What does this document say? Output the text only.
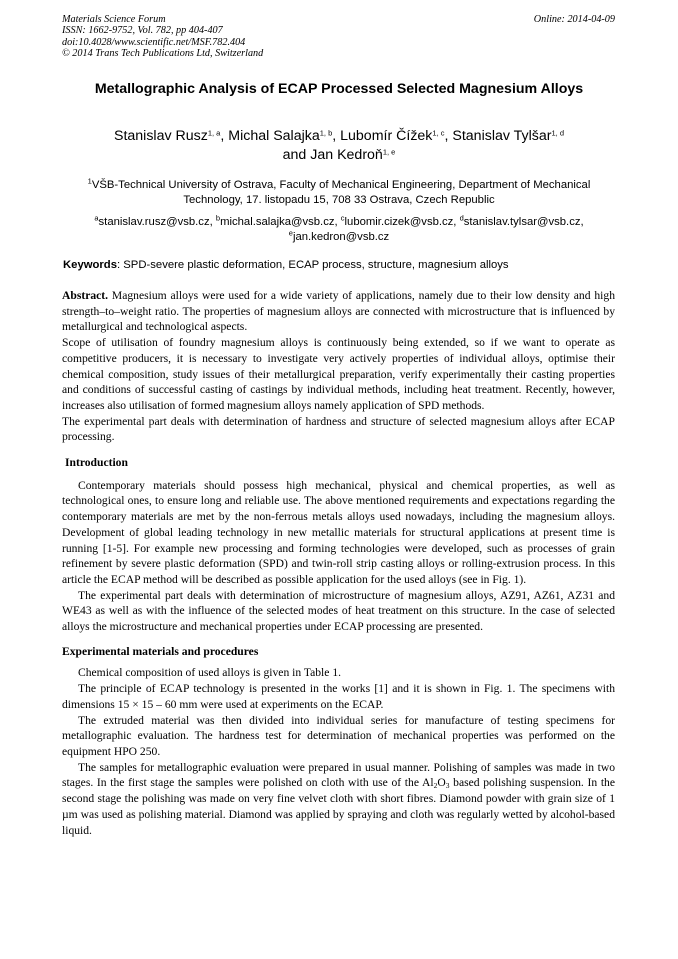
Materials Science Forum
ISSN: 1662-9752, Vol. 782, pp 404-407
doi:10.4028/www.scientific.net/MSF.782.404
© 2014 Trans Tech Publications Ltd, Switzerland
Online: 2014-04-09
Metallographic Analysis of ECAP Processed Selected Magnesium Alloys
Stanislav Rusz$^{1, a}$, Michal Salajka$^{1, b}$, Lubomír Čížek$^{1, c}$, Stanislav Tylšar$^{1, d}$
and Jan Kedroň$^{1, e}$
$^1$VŠB-Technical University of Ostrava, Faculty of Mechanical Engineering, Department of Mechanical Technology, 17. listopadu 15, 708 33 Ostrava, Czech Republic
$^a$stanislav.rusz@vsb.cz, $^b$michal.salajka@vsb.cz, $^c$lubomir.cizek@vsb.cz, $^d$stanislav.tylsar@vsb.cz,
$^e$jan.kedron@vsb.cz
Keywords: SPD-severe plastic deformation, ECAP process, structure, magnesium alloys

Abstract. Magnesium alloys were used for a wide variety of applications, namely due to their low density and high strength–to–weight ratio. The properties of magnesium alloys are connected with microstructure that is influenced by metallurgical and technological aspects.

Scope of utilisation of foundry magnesium alloys is continuously being extended, so if we want to operate as competitive producers, it is necessary to investigate very actively properties of individual alloys, optimise their chemical composition, study issues of their metallurgical preparation, verify experimentally their casting properties and conditions of successful casting of castings by individual methods, including heat treatment. Recently, however, increases also utilisation of formed magnesium alloys namely application of SPD methods.

The experimental part deals with determination of hardness and structure of selected magnesium alloys after ECAP processing.

Introduction

Contemporary materials should possess high mechanical, physical and chemical properties, as well as technological ones, to ensure long and reliable use. The above mentioned requirements and expectations regarding the contemporary materials are met by the non-ferrous metals alloys used nowadays, including the magnesium alloys. Development of global leading technology in new metallic materials for structural applications at present time is running [1-5]. For example new processing and forming technologies were developed, such as processes of grain refinement by severe plastic deformation (SPD) and twin-roll strip casting alloys or rolling-extrusion process. In this article the ECAP method will be described as possible application for the used alloys (see in Fig. 1).

The experimental part deals with determination of microstructure of magnesium alloys, AZ91, AZ61, AZ31 and WE43 as well as with the influence of the selected modes of heat treatment on this structure. In the case of selected alloys the microstructure and mechanical properties under ECAP processing are presented.

Experimental materials and procedures

Chemical composition of used alloys is given in Table 1.

The principle of ECAP technology is presented in the works [1] and it is shown in Fig. 1. The specimens with dimensions 15 × 15 – 60 mm were used at experiments on the ECAP.

The extruded material was then divided into individual series for manufacture of testing specimens for metallographic evaluation. The hardness test for determination of mechanical properties was performed on the equipment HPO 250.

The samples for metallographic evaluation were prepared in usual manner. Polishing of samples was made in two stages. In the first stage the samples were polished on cloth with use of the $Al_2O_3$ based polishing suspension. In the second stage the polishing was made on very fine velvet cloth with short fibres. Diamond powder with grain size of 1 µm was used as polishing material. Diamond was applied by spraying and cloth was regularly wetted by alcohol-based liquid.
